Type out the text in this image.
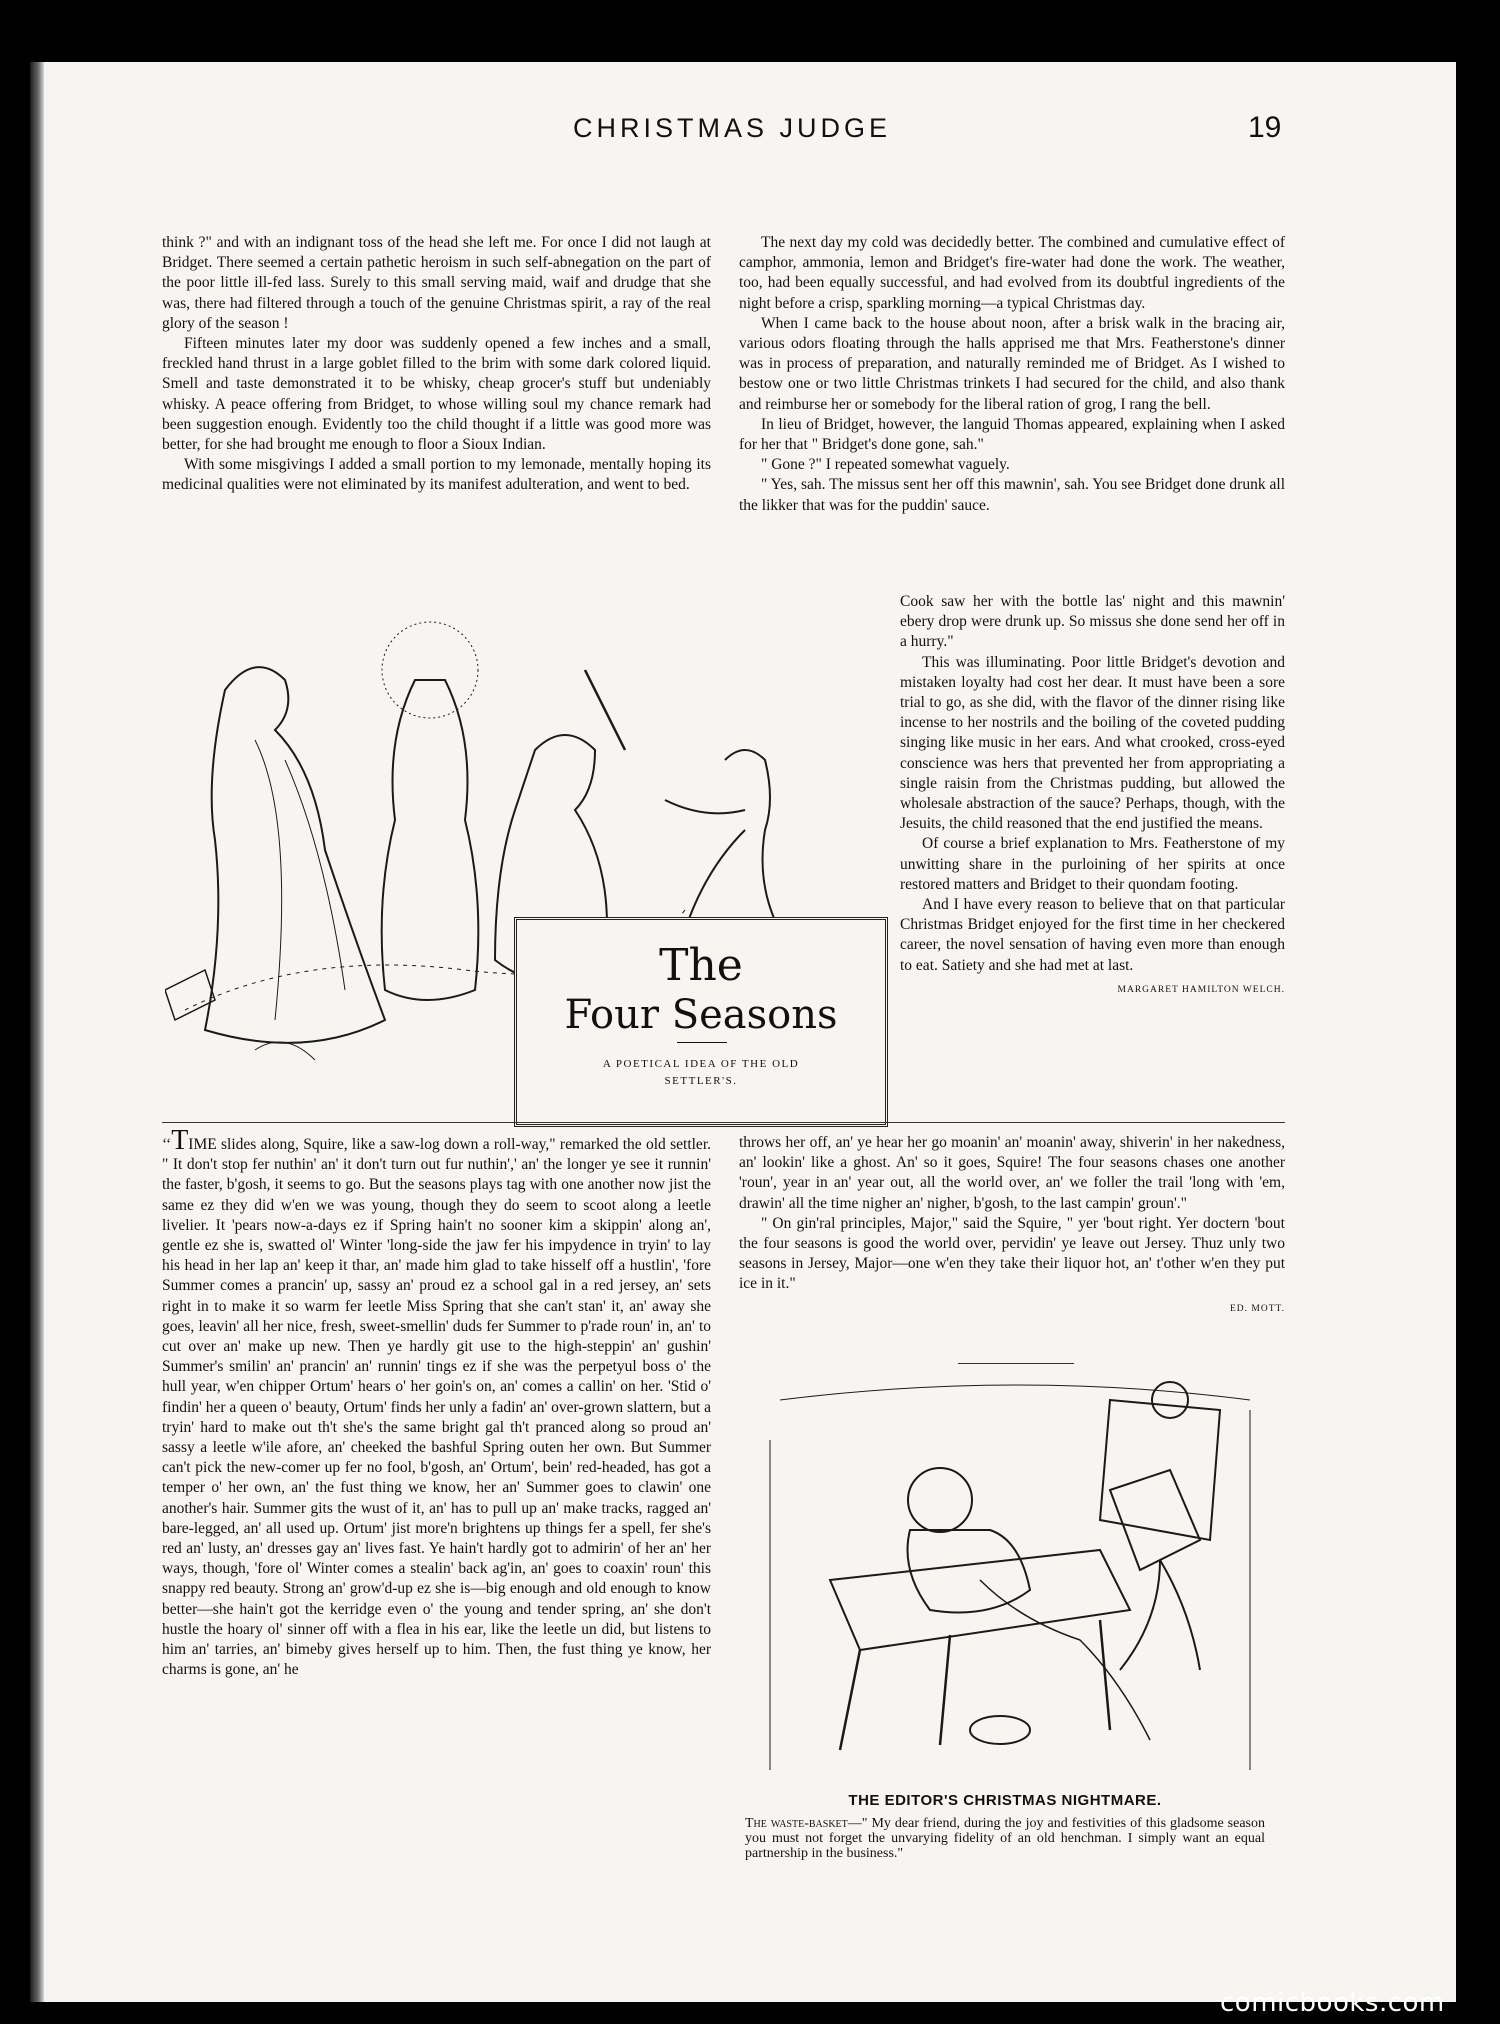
CHRISTMAS JUDGE	19

think ?" and with an indignant toss of the head she left me. For once I did not laugh at Bridget. There seemed a certain pathetic heroism in such self-abnegation on the part of the poor little ill-fed lass. Surely to this small serving maid, waif and drudge that she was, there had filtered through a touch of the genuine Christmas spirit, a ray of the real glory of the season !

Fifteen minutes later my door was suddenly opened a few inches and a small, freckled hand thrust in a large goblet filled to the brim with some dark colored liquid. Smell and taste demonstrated it to be whisky, cheap grocer's stuff but undeniably whisky. A peace offering from Bridget, to whose willing soul my chance remark had been suggestion enough. Evidently too the child thought if a little was good more was better, for she had brought me enough to floor a Sioux Indian.

With some misgivings I added a small portion to my lemonade, mentally hoping its medicinal qualities were not eliminated by its manifest adulteration, and went to bed.

The next day my cold was decidedly better. The combined and cumulative effect of camphor, ammonia, lemon and Bridget's fire-water had done the work. The weather, too, had been equally successful, and had evolved from its doubtful ingredients of the night before a crisp, sparkling morning—a typical Christmas day.

When I came back to the house about noon, after a brisk walk in the bracing air, various odors floating through the halls apprised me that Mrs. Featherstone's dinner was in process of preparation, and naturally reminded me of Bridget. As I wished to bestow one or two little Christmas trinkets I had secured for the child, and also thank and reimburse her or somebody for the liberal ration of grog, I rang the bell.

In lieu of Bridget, however, the languid Thomas appeared, explaining when I asked for her that " Bridget's done gone, sah."

" Gone ?" I repeated somewhat vaguely.

" Yes, sah. The missus sent her off this mawnin', sah. You see Bridget done drunk all the likker that was for the puddin' sauce.

Cook saw her with the bottle las' night and this mawnin' ebery drop were drunk up. So missus she done send her off in a hurry."

This was illuminating. Poor little Bridget's devotion and mistaken loyalty had cost her dear. It must have been a sore trial to go, as she did, with the flavor of the dinner rising like incense to her nostrils and the boiling of the coveted pudding singing like music in her ears. And what crooked, cross-eyed conscience was hers that prevented her from appropriating a single raisin from the Christmas pudding, but allowed the wholesale abstraction of the sauce? Perhaps, though, with the Jesuits, the child reasoned that the end justified the means.

Of course a brief explanation to Mrs. Featherstone of my unwitting share in the purloining of her spirits at once restored matters and Bridget to their quondam footing.

And I have every reason to believe that on that particular Christmas Bridget enjoyed for the first time in her checkered career, the novel sensation of having even more than enough to eat. Satiety and she had met at last.

MARGARET HAMILTON WELCH.
The
Four Seasons
A POETICAL IDEA OF THE OLD
SETTLER'S.

‘‘TIME slides along, Squire, like a saw-log down a roll-way," remarked the old settler. " It don't stop fer nuthin' an' it don't turn out fur nuthin',' an' the longer ye see it runnin' the faster, b'gosh, it seems to go. But the seasons plays tag with one another now jist the same ez they did w'en we was young, though they do seem to scoot along a leetle livelier. It 'pears now-a-days ez if Spring hain't no sooner kim a skippin' along an', gentle ez she is, swatted ol' Winter 'long-side the jaw fer his impydence in tryin' to lay his head in her lap an' keep it thar, an' made him glad to take hisself off a hustlin', 'fore Summer comes a prancin' up, sassy an' proud ez a school gal in a red jersey, an' sets right in to make it so warm fer leetle Miss Spring that she can't stan' it, an' away she goes, leavin' all her nice, fresh, sweet-smellin' duds fer Summer to p'rade roun' in, an' to cut over an' make up new. Then ye hardly git use to the high-steppin' an' gushin' Summer's smilin' an' prancin' an' runnin' tings ez if she was the perpetyul boss o' the hull year, w'en chipper Ortum' hears o' her goin's on, an' comes a callin' on her. 'Stid o' findin' her a queen o' beauty, Ortum' finds her unly a fadin' an' over-grown slattern, but a tryin' hard to make out th't she's the same bright gal th't pranced along so proud an' sassy a leetle w'ile afore, an' cheeked the bashful Spring outen her own. But Summer can't pick the new-comer up fer no fool, b'gosh, an' Ortum', bein' red-headed, has got a temper o' her own, an' the fust thing we know, her an' Summer goes to clawin' one another's hair. Summer gits the wust of it, an' has to pull up an' make tracks, ragged an' bare-legged, an' all used up. Ortum' jist more'n brightens up things fer a spell, fer she's red an' lusty, an' dresses gay an' lives fast. Ye hain't hardly got to admirin' of her an' her ways, though, 'fore ol' Winter comes a stealin' back ag'in, an' goes to coaxin' roun' this snappy red beauty. Strong an' grow'd-up ez she is—big enough and old enough to know better—she hain't got the kerridge even o' the young and tender spring, an' she don't hustle the hoary ol' sinner off with a flea in his ear, like the leetle un did, but listens to him an' tarries, an' bimeby gives herself up to him. Then, the fust thing ye know, her charms is gone, an' he

throws her off, an' ye hear her go moanin' an' moanin' away, shiverin' in her nakedness, an' lookin' like a ghost. An' so it goes, Squire! The four seasons chases one another 'roun', year in an' year out, all the world over, an' we foller the trail 'long with 'em, drawin' all the time nigher an' nigher, b'gosh, to the last campin' groun'."

" On gin'ral principles, Major," said the Squire, " yer 'bout right. Yer doctern 'bout the four seasons is good the world over, pervidin' ye leave out Jersey. Thuz unly two seasons in Jersey, Major—one w'en they take their liquor hot, an' t'other w'en they put ice in it."

ED. MOTT.
THE EDITOR'S CHRISTMAS NIGHTMARE.
The waste-basket—" My dear friend, during the joy and festivities of this gladsome season you must not forget the unvarying fidelity of an old henchman. I simply want an equal partnership in the business."
comicbooks.com
